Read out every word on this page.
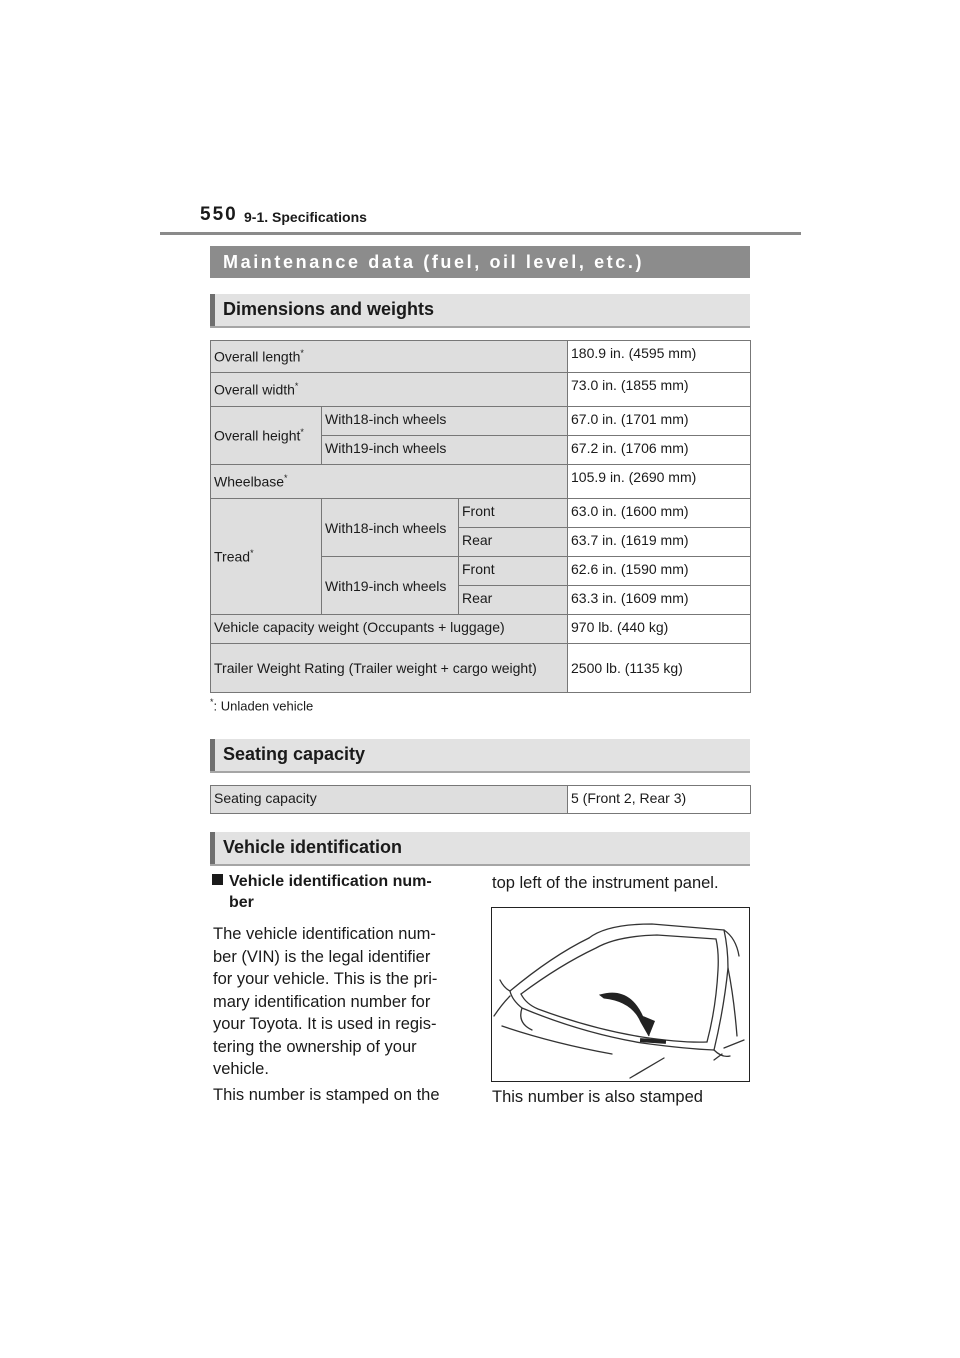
550 9-1. Specifications
Maintenance data (fuel, oil level, etc.)
Dimensions and weights
Overall length*			180.9 in. (4595 mm)
Overall width*			73.0 in. (1855 mm)
Overall height*	With18-inch wheels		67.0 in. (1701 mm)
	With19-inch wheels		67.2 in. (1706 mm)
Wheelbase*			105.9 in. (2690 mm)
Tread*	With18-inch wheels	Front	63.0 in. (1600 mm)
		Rear	63.7 in. (1619 mm)
	With19-inch wheels	Front	62.6 in. (1590 mm)
		Rear	63.3 in. (1609 mm)
Vehicle capacity weight (Occupants + luggage)			970 lb. (440 kg)
Trailer Weight Rating (Trailer weight + cargo weight)			2500 lb. (1135 kg)
*: Unladen vehicle
Seating capacity
Seating capacity	5 (Front 2, Rear 3)
Vehicle identification
Vehicle identification num-
ber
The vehicle identification num-
ber (VIN) is the legal identifier
for your vehicle. This is the pri-
mary identification number for
your Toyota. It is used in regis-
tering the ownership of your
vehicle.
This number is stamped on the
top left of the instrument panel.
This number is also stamped
